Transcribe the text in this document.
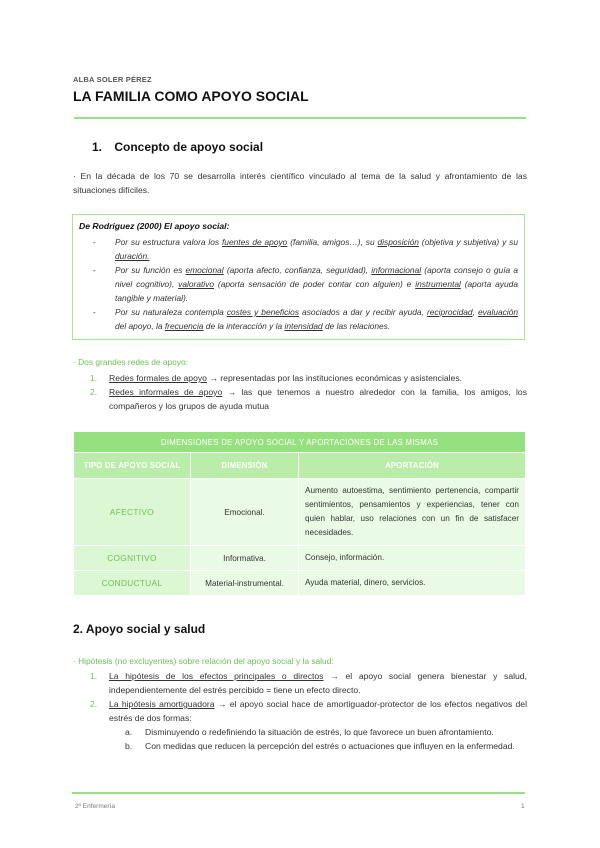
ALBA SOLER PÉREZ
LA FAMILIA COMO APOYO SOCIAL
1. Concepto de apoyo social
· En la década de los 70 se desarrolla interés científico vinculado al tema de la salud y afrontamiento de las situaciones difíciles.
De Rodriguez (2000) El apoyo social:
- Por su estructura valora los fuentes de apoyo (familia, amigos…), su disposición (objetiva y subjetiva) y su duración.
- Por su función es emocional (aporta afecto, confianza, seguridad), informacional (aporta consejo o guía a nivel cognitivo), valorativo (aporta sensación de poder contar con alguien) e instrumental (aporta ayuda tangible y material).
- Por su naturaleza contempla costes y beneficios asociados a dar y recibir ayuda, reciprocidad, evaluación del apoyo, la frecuencia de la interacción y la intensidad de las relaciones.
· Dos grandes redes de apoyo:
1. Redes formales de apoyo → representadas por las instituciones económicas y asistenciales.
2. Redes informales de apoyo → las que tenemos a nuestro alrededor con la familia, los amigos, los compañeros y los grupos de ayuda mutua
DIMENSIONES DE APOYO SOCIAL Y APORTACIONES DE LAS MISMAS		
TIPO DE APOYO SOCIAL	DIMENSIÓN	APORTACIÓN
AFECTIVO	Emocional.	Aumento autoestima, sentimiento pertenencia, compartir sentimientos, pensamientos y experiencias, tener con quien hablar, uso relaciones con un fin de satisfacer necesidades.
COGNITIVO	Informativa.	Consejo, información.
CONDUCTUAL	Material-instrumental.	Ayuda material, dinero, servicios.
2. Apoyo social y salud
· Hipótesis (no excluyentes) sobre relación del apoyo social y la salud:
1. La hipótesis de los efectos principales o directos → el apoyo social genera bienestar y salud, independientemente del estrés percibido = tiene un efecto directo.
2. La hipótesis amortiguadora → el apoyo social hace de amortiguador-protector de los efectos negativos del estrés de dos formas:
a. Disminuyendo o redefiniendo la situación de estrés, lo que favorece un buen afrontamiento.
b. Con medidas que reducen la percepción del estrés o actuaciones que influyen en la enfermedad.
2º Enfermería	1
